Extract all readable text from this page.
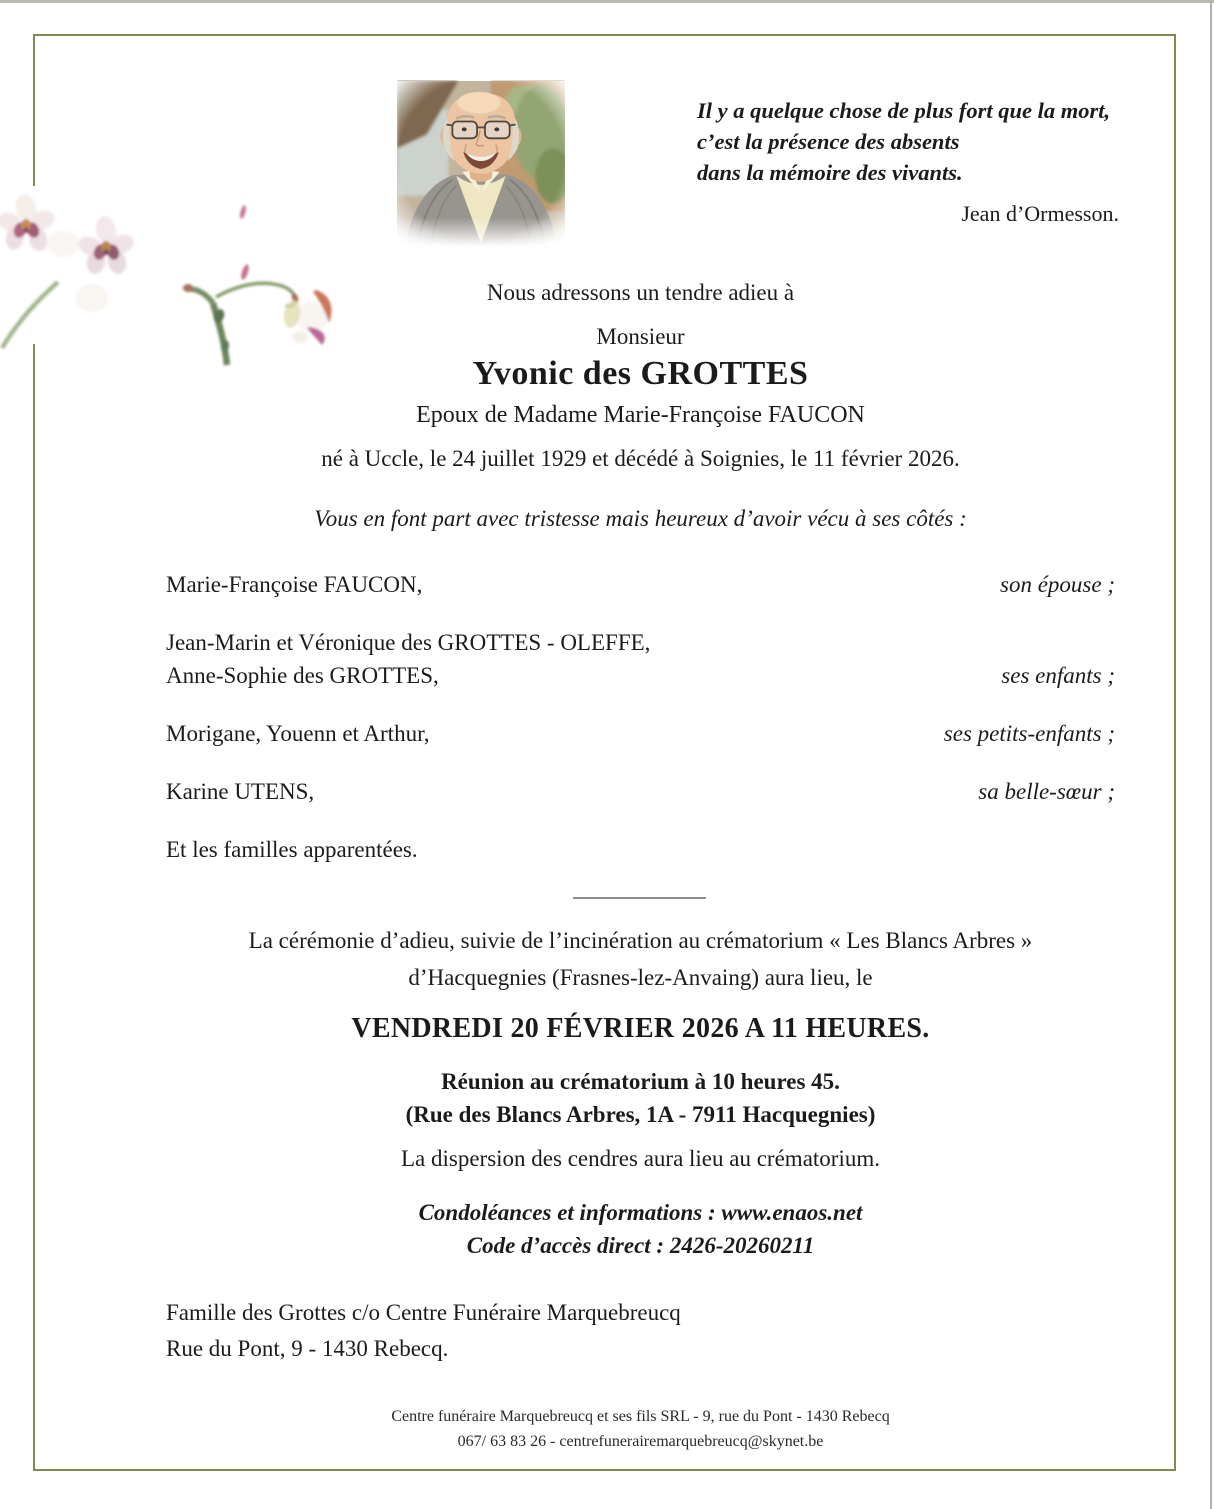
Il y a quelque chose de plus fort que la mort,
c’est la présence des absents
dans la mémoire des vivants.
Jean d’Ormesson.
Nous adressons un tendre adieu à
Monsieur
Yvonic des GROTTES
Epoux de Madame Marie-Françoise FAUCON
né à Uccle, le 24 juillet 1929 et décédé à Soignies, le 11 février 2026.
Vous en font part avec tristesse mais heureux d’avoir vécu à ses côtés :
Marie-Françoise FAUCON,	son épouse ;
Jean-Marin et Véronique des GROTTES - OLEFFE,
Anne-Sophie des GROTTES,	ses enfants ;
Morigane, Youenn et Arthur,	ses petits-enfants ;
Karine UTENS,	sa belle-sœur ;
Et les familles apparentées.
La cérémonie d’adieu, suivie de l’incinération au crématorium « Les Blancs Arbres »
d’Hacquegnies (Frasnes-lez-Anvaing) aura lieu, le
VENDREDI 20 FÉVRIER 2026 A 11 HEURES.
Réunion au crématorium à 10 heures 45.
(Rue des Blancs Arbres, 1A - 7911 Hacquegnies)
La dispersion des cendres aura lieu au crématorium.
Condoléances et informations : www.enaos.net
Code d’accès direct : 2426-20260211
Famille des Grottes c/o Centre Funéraire Marquebreucq
Rue du Pont, 9 - 1430 Rebecq.
Centre funéraire Marquebreucq et ses fils SRL - 9, rue du Pont - 1430 Rebecq
067/ 63 83 26 - centrefunerairemarquebreucq@skynet.be
